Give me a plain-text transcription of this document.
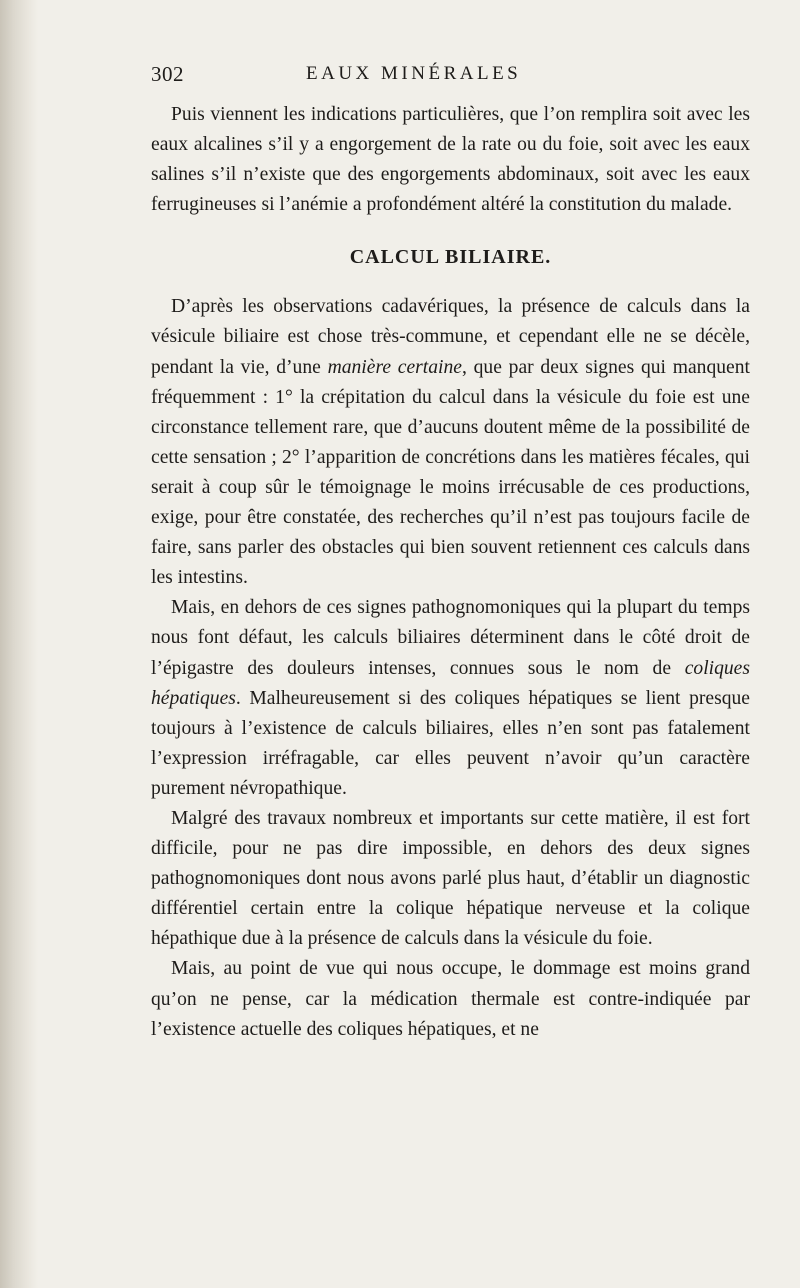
302	EAUX MINÉRALES

Puis viennent les indications particulières, que l’on remplira soit avec les eaux alcalines s’il y a engorgement de la rate ou du foie, soit avec les eaux salines s’il n’existe que des engorgements abdominaux, soit avec les eaux ferrugineuses si l’anémie a profondément altéré la constitution du malade.

CALCUL BILIAIRE.

D’après les observations cadavériques, la présence de calculs dans la vésicule biliaire est chose très-commune, et cependant elle ne se décèle, pendant la vie, d’une manière certaine, que par deux signes qui manquent fréquemment : 1° la crépitation du calcul dans la vésicule du foie est une circonstance tellement rare, que d’aucuns doutent même de la possibilité de cette sensation ; 2° l’apparition de concrétions dans les matières fécales, qui serait à coup sûr le témoignage le moins irrécusable de ces productions, exige, pour être constatée, des recherches qu’il n’est pas toujours facile de faire, sans parler des obstacles qui bien souvent retiennent ces calculs dans les intestins.

Mais, en dehors de ces signes pathognomoniques qui la plupart du temps nous font défaut, les calculs biliaires déterminent dans le côté droit de l’épigastre des douleurs intenses, connues sous le nom de coliques hépatiques. Malheureusement si des coliques hépatiques se lient presque toujours à l’existence de calculs biliaires, elles n’en sont pas fatalement l’expression irréfragable, car elles peuvent n’avoir qu’un caractère purement névropathique.

Malgré des travaux nombreux et importants sur cette matière, il est fort difficile, pour ne pas dire impossible, en dehors des deux signes pathognomoniques dont nous avons parlé plus haut, d’établir un diagnostic différentiel certain entre la colique hépatique nerveuse et la colique hépathique due à la présence de calculs dans la vésicule du foie.

Mais, au point de vue qui nous occupe, le dommage est moins grand qu’on ne pense, car la médication thermale est contre-indiquée par l’existence actuelle des coliques hépatiques, et ne
